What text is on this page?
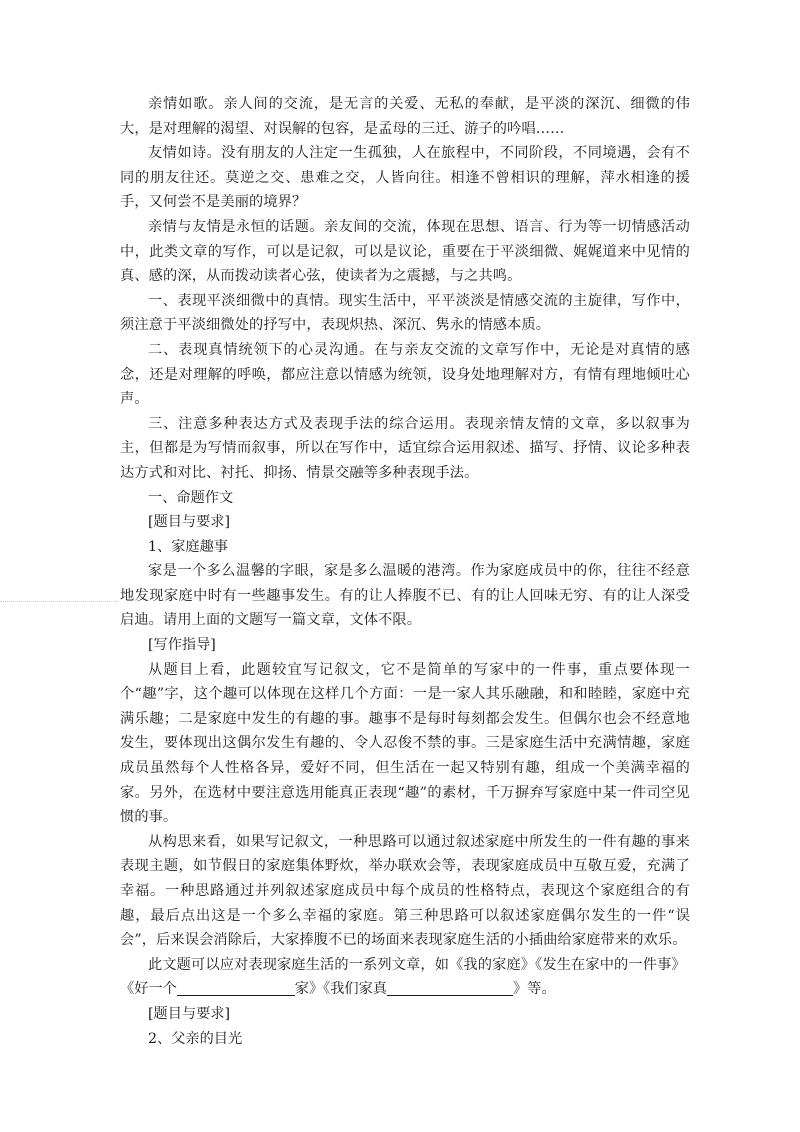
亲情如歌。亲人间的交流，是无言的关爱、无私的奉献，是平淡的深沉、细微的伟大，是对理解的渴望、对误解的包容，是孟母的三迁、游子的吟唱……

友情如诗。没有朋友的人注定一生孤独，人在旅程中，不同阶段，不同境遇，会有不同的朋友往还。莫逆之交、患难之交，人皆向往。相逢不曾相识的理解，萍水相逢的援手，又何尝不是美丽的境界？

亲情与友情是永恒的话题。亲友间的交流，体现在思想、语言、行为等一切情感活动中，此类文章的写作，可以是记叙，可以是议论，重要在于平淡细微、娓娓道来中见情的真、感的深，从而拨动读者心弦，使读者为之震撼，与之共鸣。

一、表现平淡细微中的真情。现实生活中，平平淡淡是情感交流的主旋律，写作中，须注意于平淡细微处的抒写中，表现炽热、深沉、隽永的情感本质。

二、表现真情统领下的心灵沟通。在与亲友交流的文章写作中，无论是对真情的感念，还是对理解的呼唤，都应注意以情感为统领，设身处地理解对方，有情有理地倾吐心声。

三、注意多种表达方式及表现手法的综合运用。表现亲情友情的文章，多以叙事为主，但都是为写情而叙事，所以在写作中，适宜综合运用叙述、描写、抒情、议论多种表达方式和对比、衬托、抑扬、情景交融等多种表现手法。

一、命题作文

[题目与要求]

1、家庭趣事

家是一个多么温馨的字眼，家是多么温暖的港湾。作为家庭成员中的你，往往不经意地发现家庭中时有一些趣事发生。有的让人捧腹不已、有的让人回味无穷、有的让人深受启迪。请用上面的文题写一篇文章，文体不限。

[写作指导]

从题目上看，此题较宜写记叙文，它不是简单的写家中的一件事，重点要体现一个“趣”字，这个趣可以体现在这样几个方面：一是一家人其乐融融，和和睦睦，家庭中充满乐趣；二是家庭中发生的有趣的事。趣事不是每时每刻都会发生。但偶尔也会不经意地发生，要体现出这偶尔发生有趣的、令人忍俊不禁的事。三是家庭生活中充满情趣，家庭成员虽然每个人性格各异，爱好不同，但生活在一起又特别有趣，组成一个美满幸福的家。另外，在选材中要注意选用能真正表现“趣”的素材，千万摒弃写家庭中某一件司空见惯的事。

从构思来看，如果写记叙文，一种思路可以通过叙述家庭中所发生的一件有趣的事来表现主题，如节假日的家庭集体野炊，举办联欢会等，表现家庭成员中互敬互爱，充满了幸福。一种思路通过并列叙述家庭成员中每个成员的性格特点，表现这个家庭组合的有趣，最后点出这是一个多么幸福的家庭。第三种思路可以叙述家庭偶尔发生的一件“误会”，后来误会消除后，大家捧腹不已的场面来表现家庭生活的小插曲给家庭带来的欢乐。

此文题可以应对表现家庭生活的一系列文章，如《我的家庭》《发生在家中的一件事》

《好一个	家》《我们家真	》等。

[题目与要求]

2、父亲的目光
